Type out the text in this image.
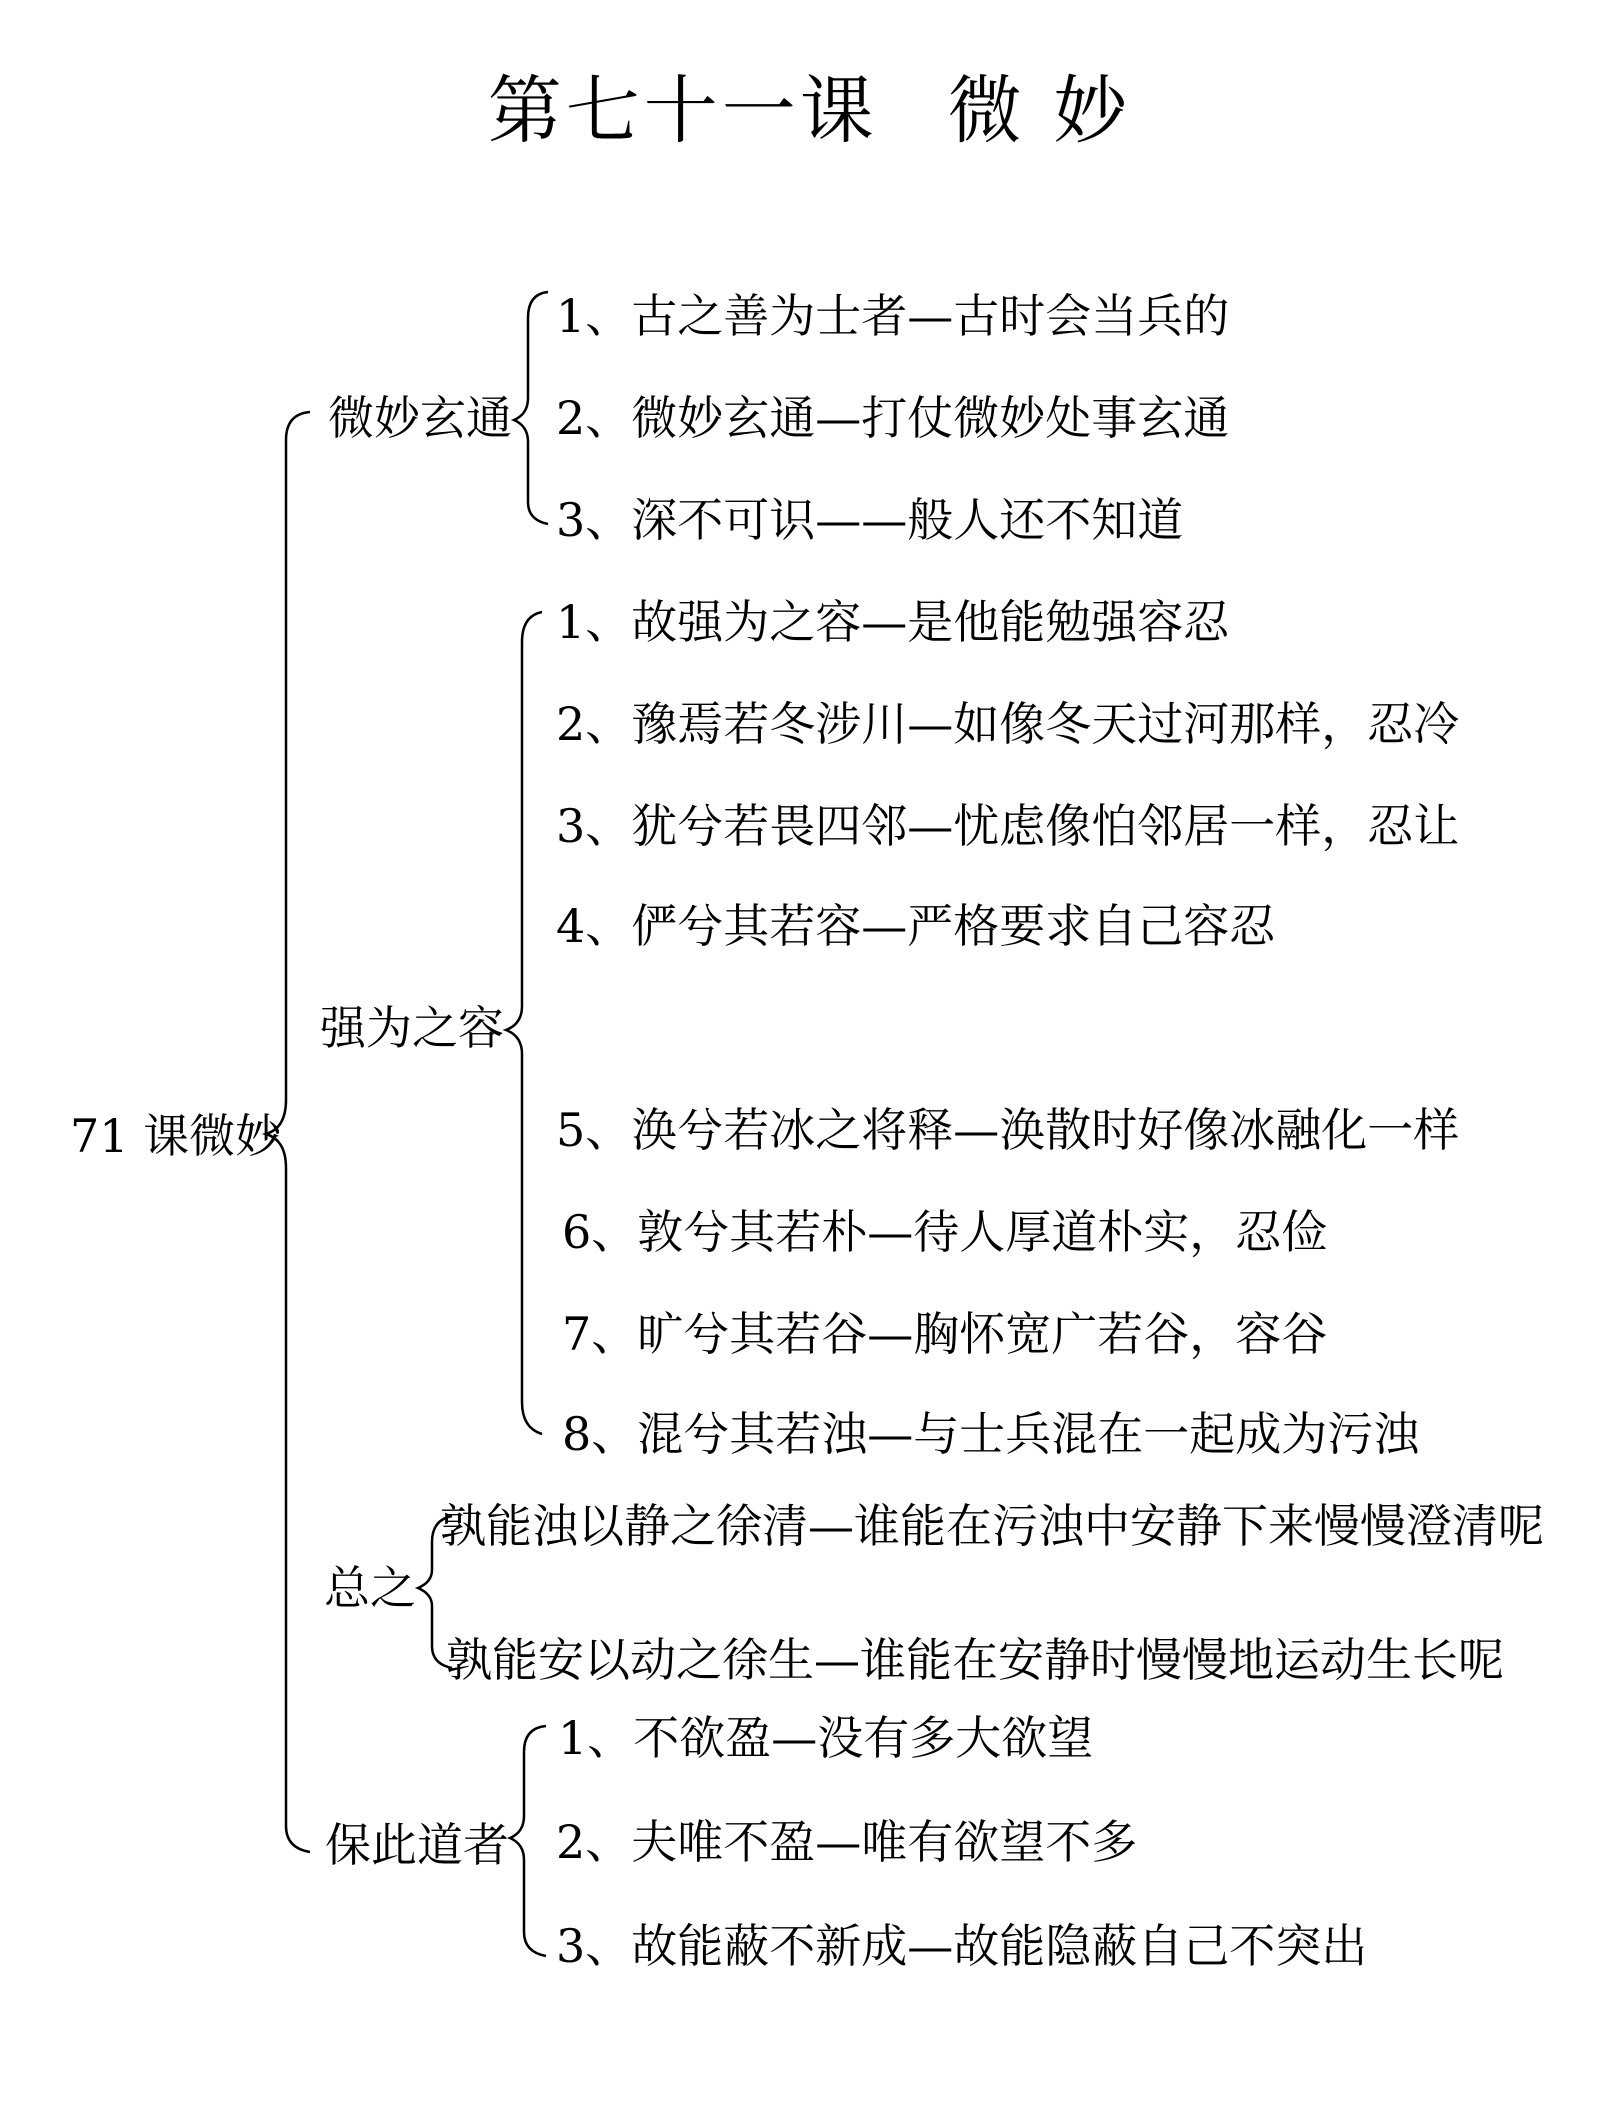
第七十一课 微 妙
71 课微妙
微妙玄通
强为之容
总之
保此道者
1、古之善为士者—古时会当兵的
2、微妙玄通—打仗微妙处事玄通
3、深不可识——般人还不知道
1、故强为之容—是他能勉强容忍
2、豫焉若冬涉川—如像冬天过河那样，忍冷
3、犹兮若畏四邻—忧虑像怕邻居一样，忍让
4、俨兮其若容—严格要求自己容忍
5、涣兮若冰之将释—涣散时好像冰融化一样
6、敦兮其若朴—待人厚道朴实，忍俭
7、旷兮其若谷—胸怀宽广若谷，容谷
8、混兮其若浊—与士兵混在一起成为污浊
孰能浊以静之徐清—谁能在污浊中安静下来慢慢澄清呢
孰能安以动之徐生—谁能在安静时慢慢地运动生长呢
1、不欲盈—没有多大欲望
2、夫唯不盈—唯有欲望不多
3、故能蔽不新成—故能隐蔽自己不突出
